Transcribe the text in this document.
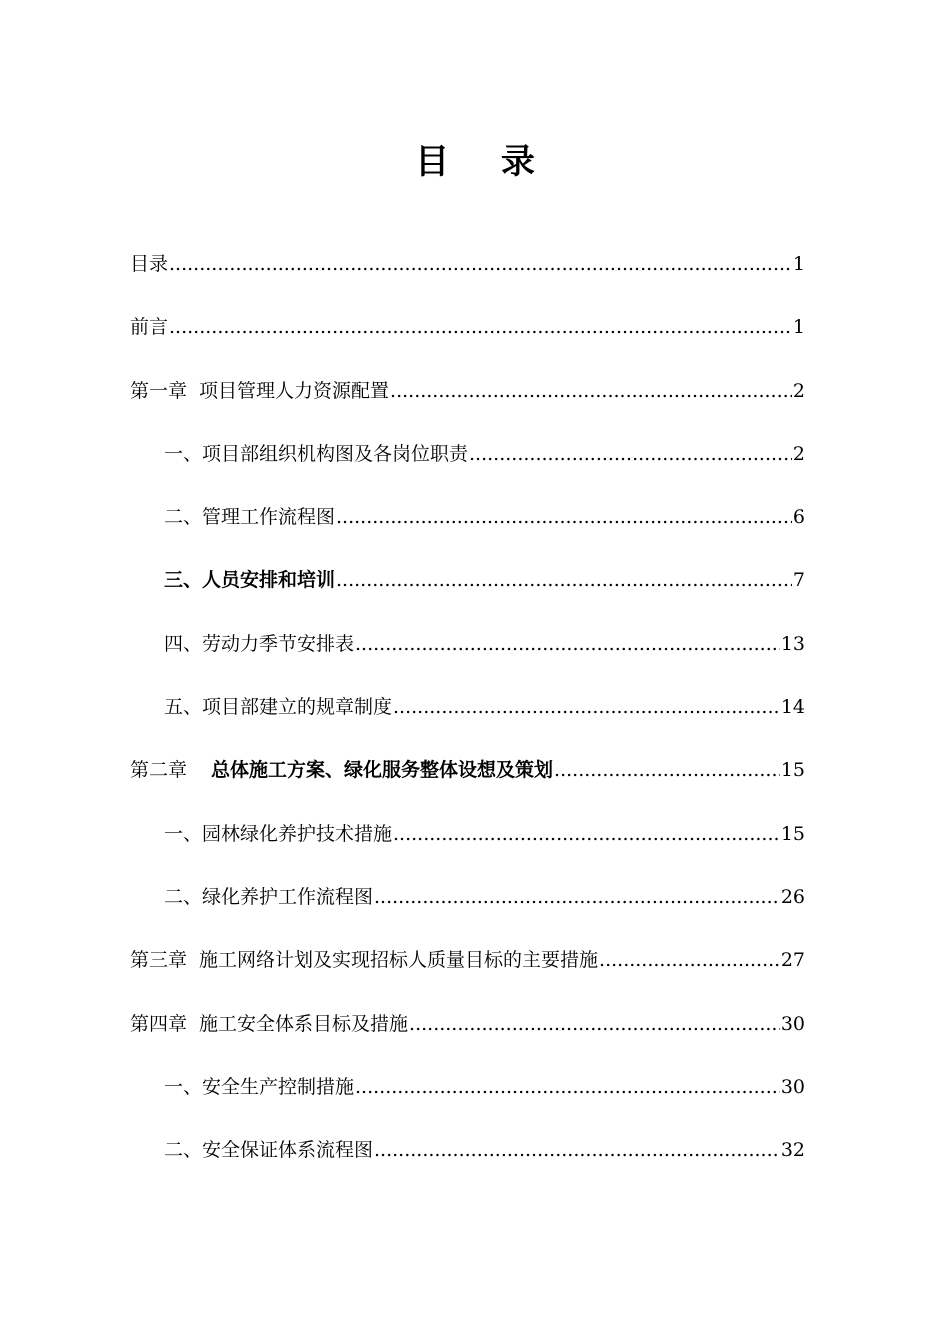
目 录
目录 .....	1
前言 .....	1
第一章 项目管理人力资源配置 .....	2
一、项目部组织机构图及各岗位职责 .....	2
二、管理工作流程图 .....	6
三、人员安排和培训 .....	7
四、劳动力季节安排表 .....	13
五、项目部建立的规章制度 .....	14
第二章 总体施工方案、绿化服务整体设想及策划 .....	15
一、园林绿化养护技术措施 .....	15
二、绿化养护工作流程图 .....	26
第三章 施工网络计划及实现招标人质量目标的主要措施 .....	27
第四章 施工安全体系目标及措施 .....	30
一、安全生产控制措施 .....	30
二、安全保证体系流程图 .....	32
